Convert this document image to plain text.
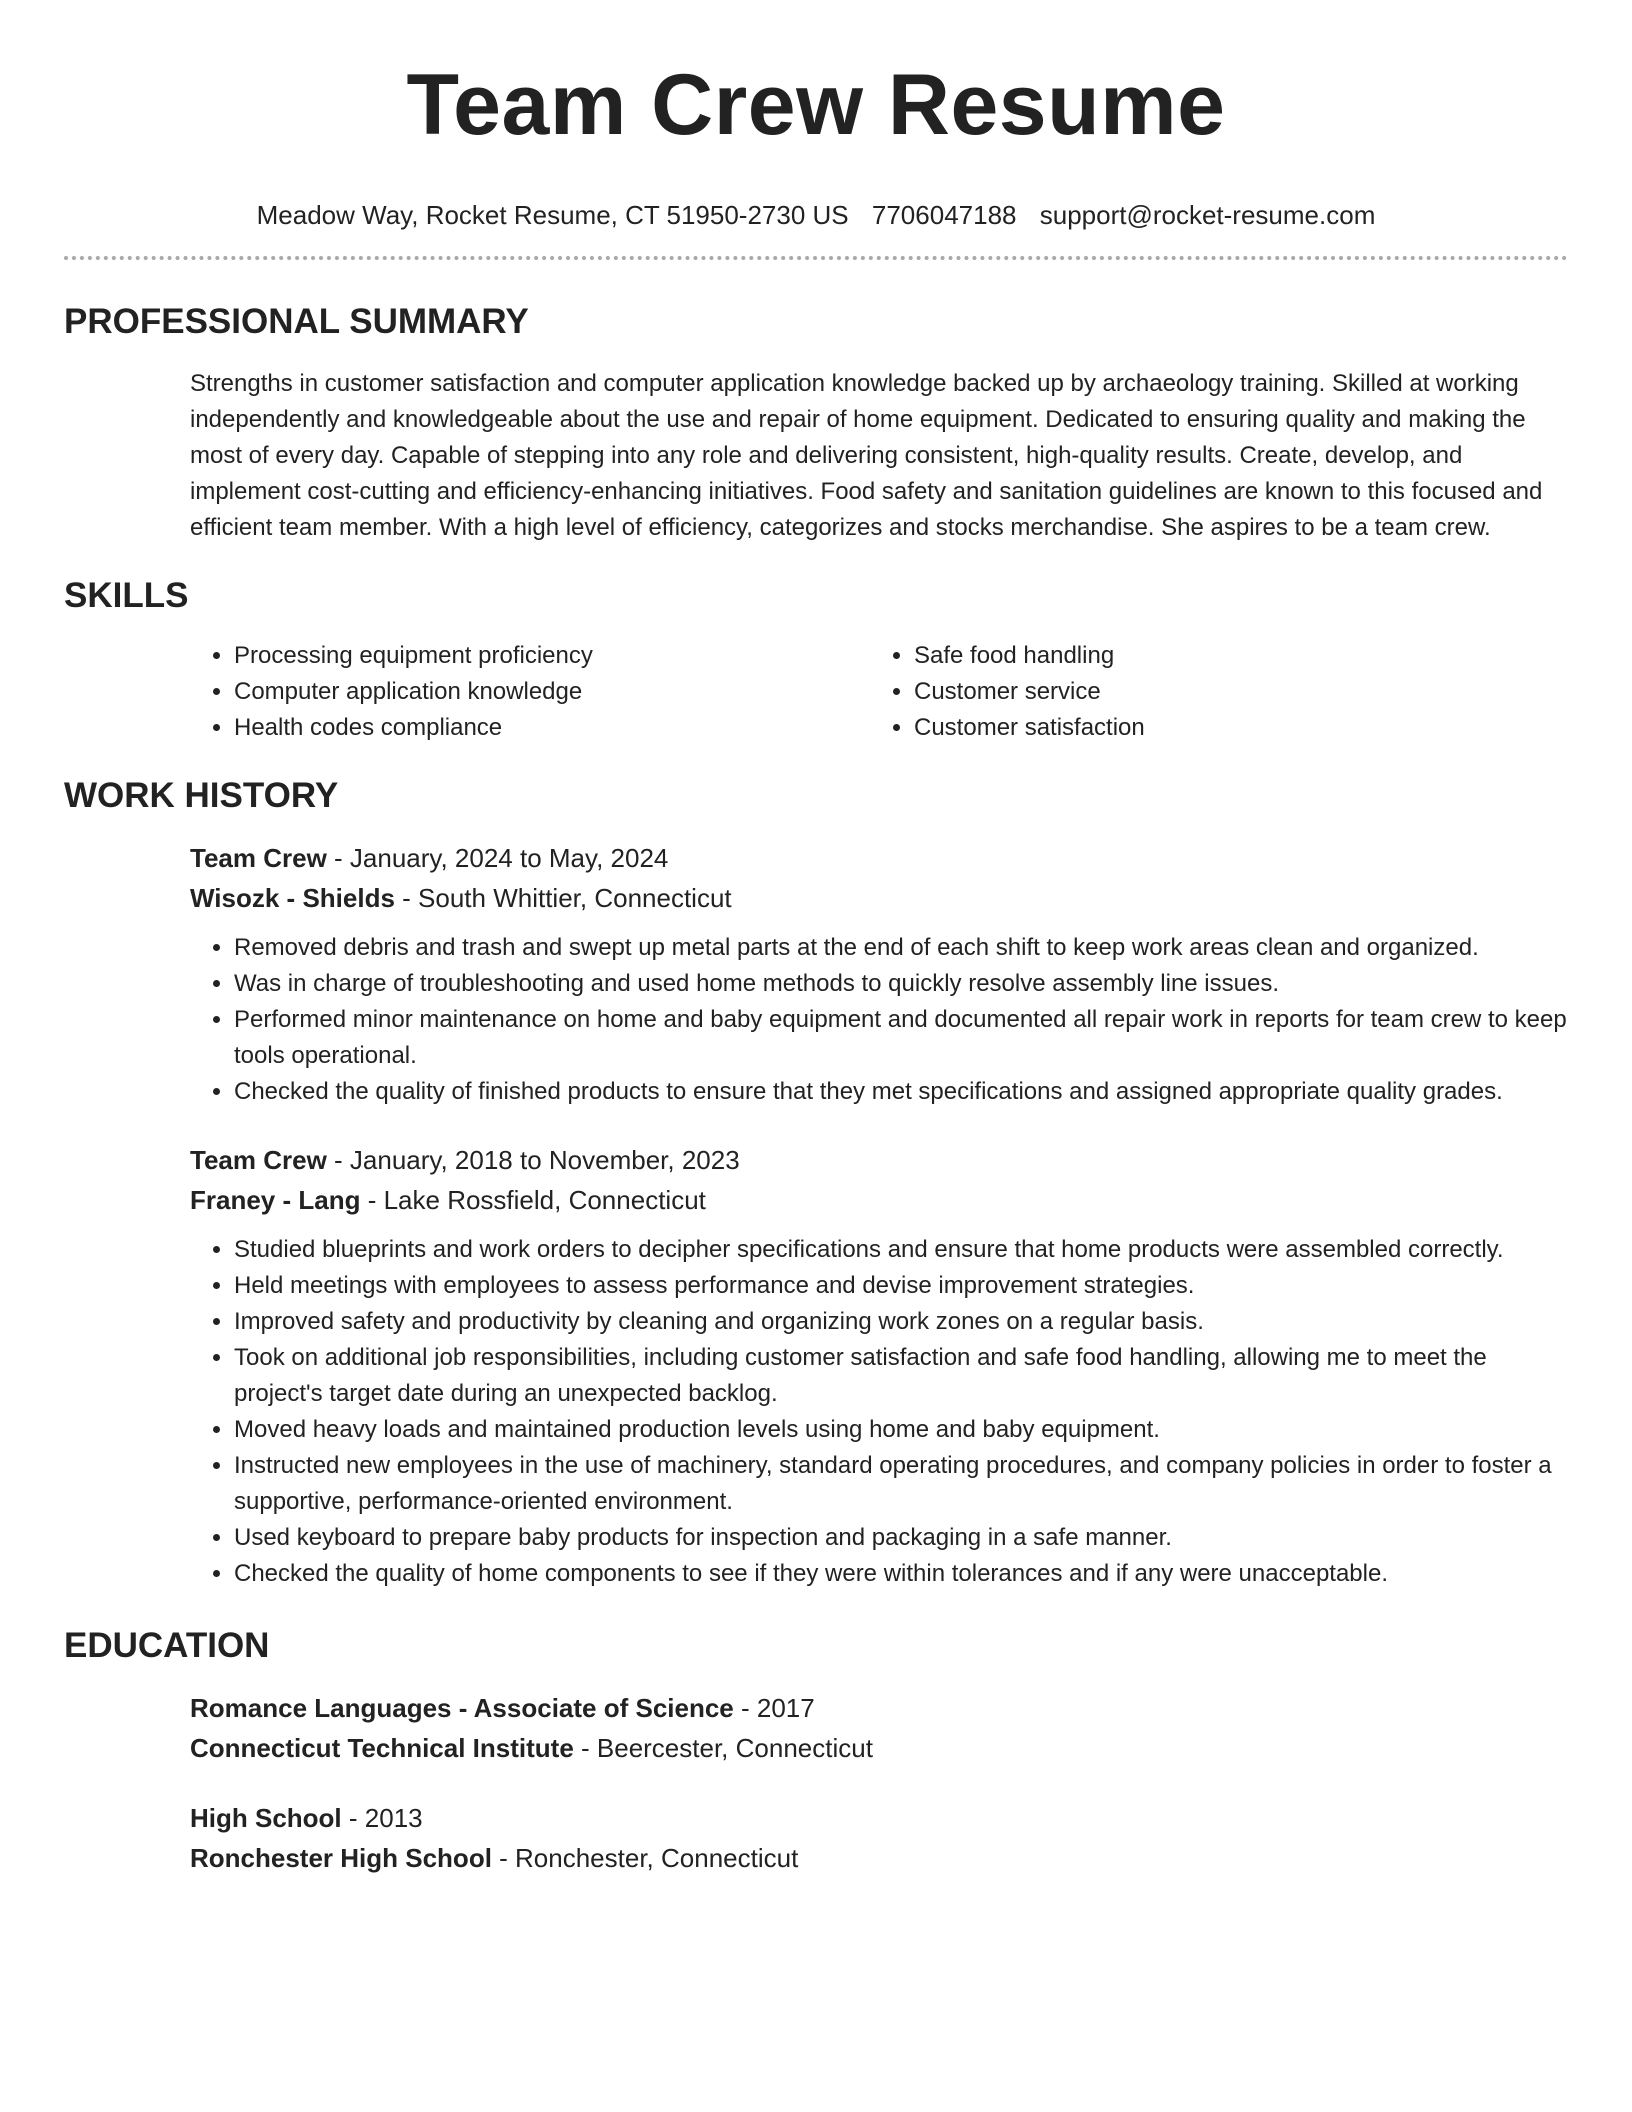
Team Crew Resume
Meadow Way, Rocket Resume, CT 51950-2730 US 7706047188 support@rocket-resume.com
PROFESSIONAL SUMMARY

Strengths in customer satisfaction and computer application knowledge backed up by archaeology training. Skilled at working independently and knowledgeable about the use and repair of home equipment. Dedicated to ensuring quality and making the most of every day. Capable of stepping into any role and delivering consistent, high-quality results. Create, develop, and implement cost-cutting and efficiency-enhancing initiatives. Food safety and sanitation guidelines are known to this focused and efficient team member. With a high level of efficiency, categorizes and stocks merchandise. She aspires to be a team crew.

SKILLS
• Processing equipment proficiency
• Computer application knowledge
• Health codes compliance
• Safe food handling
• Customer service
• Customer satisfaction
WORK HISTORY
Team Crew - January, 2024 to May, 2024
Wisozk - Shields - South Whittier, Connecticut
• Removed debris and trash and swept up metal parts at the end of each shift to keep work areas clean and organized.
• Was in charge of troubleshooting and used home methods to quickly resolve assembly line issues.
• Performed minor maintenance on home and baby equipment and documented all repair work in reports for team crew to keep tools operational.
• Checked the quality of finished products to ensure that they met specifications and assigned appropriate quality grades.
Team Crew - January, 2018 to November, 2023
Franey - Lang - Lake Rossfield, Connecticut
• Studied blueprints and work orders to decipher specifications and ensure that home products were assembled correctly.
• Held meetings with employees to assess performance and devise improvement strategies.
• Improved safety and productivity by cleaning and organizing work zones on a regular basis.
• Took on additional job responsibilities, including customer satisfaction and safe food handling, allowing me to meet the project's target date during an unexpected backlog.
• Moved heavy loads and maintained production levels using home and baby equipment.
• Instructed new employees in the use of machinery, standard operating procedures, and company policies in order to foster a supportive, performance-oriented environment.
• Used keyboard to prepare baby products for inspection and packaging in a safe manner.
• Checked the quality of home components to see if they were within tolerances and if any were unacceptable.
EDUCATION
Romance Languages - Associate of Science - 2017
Connecticut Technical Institute - Beercester, Connecticut
High School - 2013
Ronchester High School - Ronchester, Connecticut
